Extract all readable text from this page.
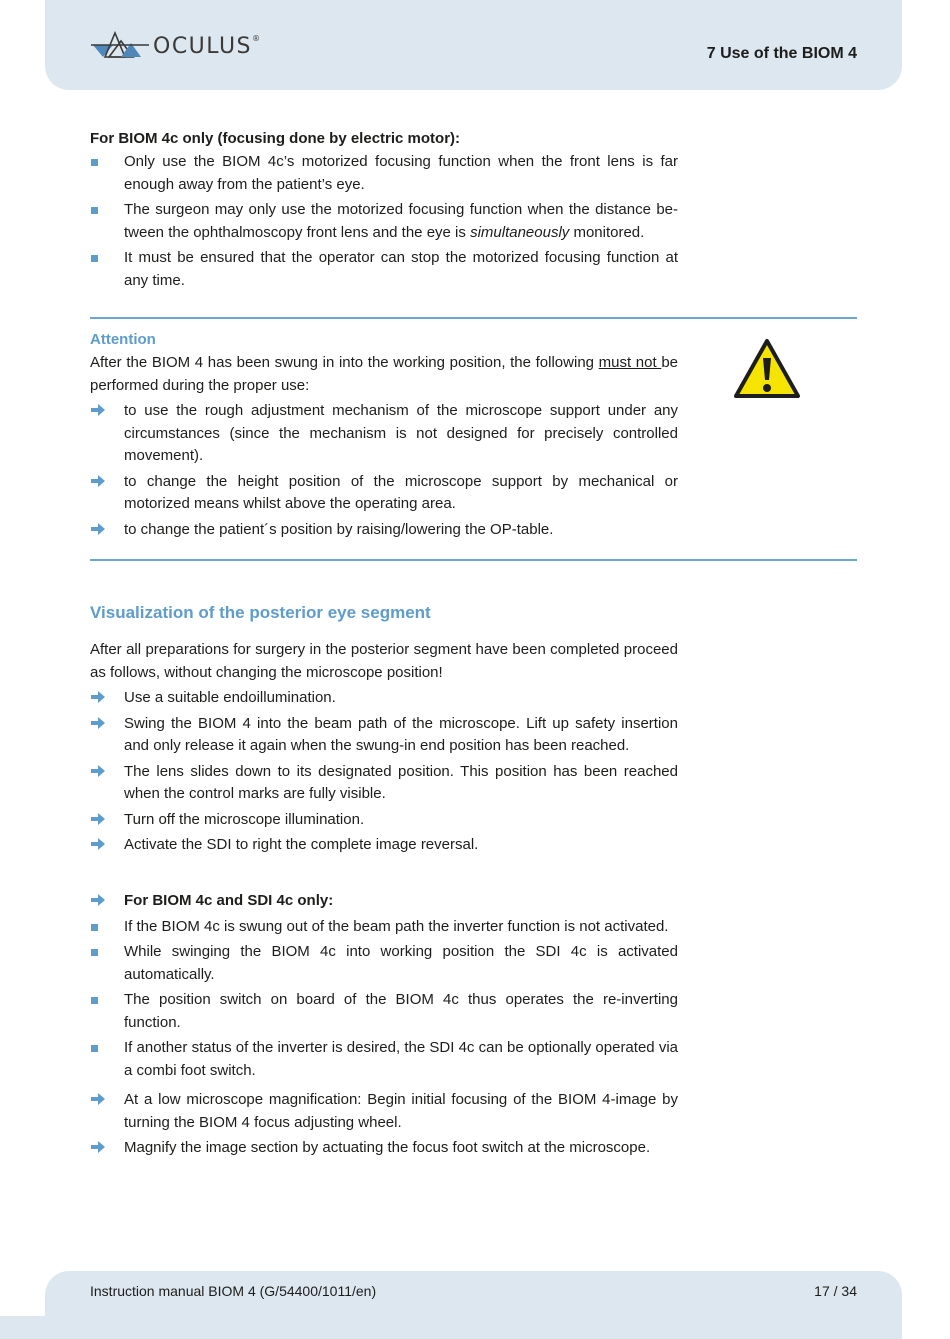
OCULUS®
7 Use of the BIOM 4
For BIOM 4c only (focusing done by electric motor):
Only use the BIOM 4c’s motorized focusing function when the front lens is far enough away from the patient’s eye.
The surgeon may only use the motorized focusing function when the distance be-tween the ophthalmoscopy front lens and the eye is simultaneously monitored.
It must be ensured that the operator can stop the motorized focusing function at any time.
Attention
After the BIOM 4 has been swung in into the working position, the following must not be performed during the proper use:
to use the rough adjustment mechanism of the microscope support under any circumstances (since the mechanism is not designed for precisely controlled movement).
to change the height position of the microscope support by mechanical or motorized means whilst above the operating area.
to change the patient´s position by raising/lowering the OP-table.
Visualization of the posterior eye segment
After all preparations for surgery in the posterior segment have been completed proceed as follows, without changing the microscope position!
Use a suitable endoillumination.
Swing the BIOM 4 into the beam path of the microscope. Lift up safety insertion and only release it again when the swung-in end position has been reached.
The lens slides down to its designated position. This position has been reached when the control marks are fully visible.
Turn off the microscope illumination.
Activate the SDI to right the complete image reversal.
For BIOM 4c and SDI 4c only:
If the BIOM 4c is swung out of the beam path the inverter function is not activated.
While swinging the BIOM 4c into working position the SDI 4c is activated automatically.
The position switch on board of the BIOM 4c thus operates the re-inverting function.
If another status of the inverter is desired, the SDI 4c can be optionally operated via a combi foot switch.
At a low microscope magnification: Begin initial focusing of the BIOM 4-image by turning the BIOM 4 focus adjusting wheel.
Magnify the image section by actuating the focus foot switch at the microscope.
Instruction manual BIOM 4 (G/54400/1011/en)	17 / 34
